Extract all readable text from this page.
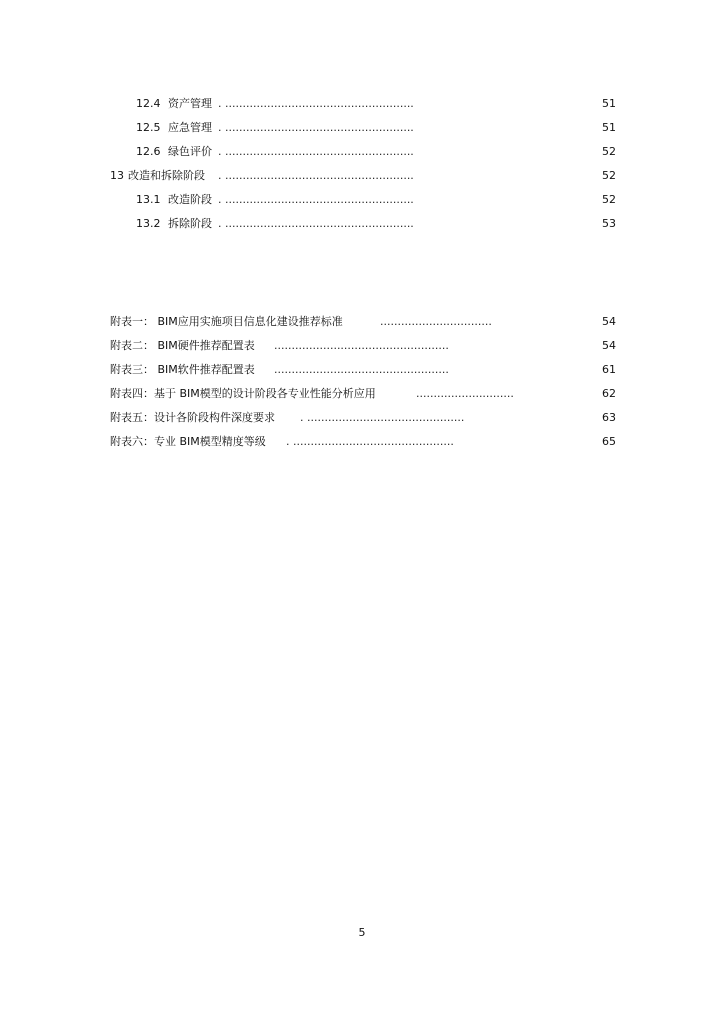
12.4 资产管理 . ......................................................	51
12.5 应急管理 . ......................................................	51
12.6 绿色评价 . ......................................................	52
13 改造和拆除阶段 . ......................................................	52
13.1 改造阶段 . ......................................................	52
13.2 拆除阶段 . ......................................................	53
附表一： BIM应用实施项目信息化建设推荐标准	................................	54
附表二： BIM硬件推荐配置表 ..................................................	54
附表三： BIM软件推荐配置表 ..................................................	61
附表四：基于 BIM模型的设计阶段各专业性能分析应用	............................	62
附表五：设计各阶段构件深度要求 . .............................................	63
附表六：专业 BIM模型精度等级 . ..............................................	65
5
